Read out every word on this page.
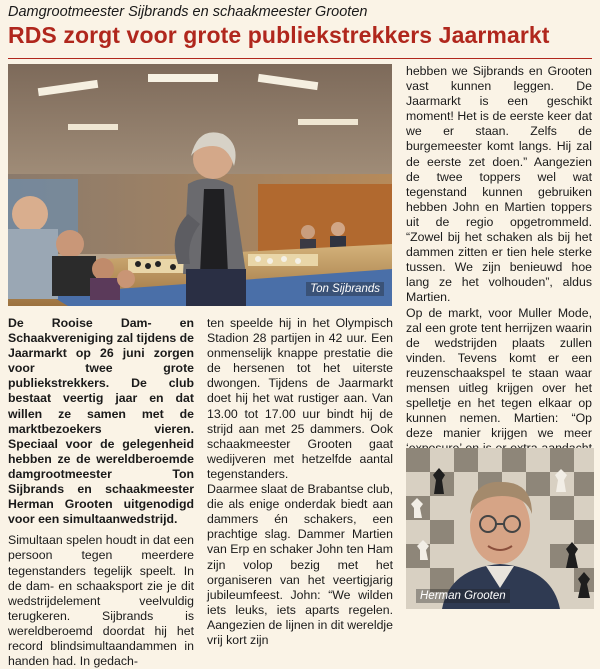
Damgrootmeester Sijbrands en schaakmeester Grooten
RDS zorgt voor grote publiekstrekkers Jaarmarkt
Ton Sijbrands

De Rooise Dam- en Schaakvereniging zal tijdens de Jaarmarkt op 26 juni zorgen voor twee grote publiekstrekkers. De club bestaat veertig jaar en dat willen ze samen met de marktbezoekers vieren. Speciaal voor de gelegenheid hebben ze de wereldberoemde damgrootmeester Ton Sijbrands en schaakmeester Herman Grooten uitgenodigd voor een simultaanwedstrijd.

Simultaan spelen houdt in dat een persoon tegen meerdere tegenstanders tegelijk speelt. In de dam- en schaaksport zie je dit wedstrijdelement veelvuldig terugkeren. Sijbrands is wereldberoemd doordat hij het record blindsimultaandammen in handen had. In gedach-

ten speelde hij in het Olympisch Stadion 28 partijen in 42 uur. Een onmenselijk knappe prestatie die de hersenen tot het uiterste dwongen. Tijdens de Jaarmarkt doet hij het wat rustiger aan. Van 13.00 tot 17.00 uur bindt hij de strijd aan met 25 dammers. Ook schaakmeester Grooten gaat wedijveren met hetzelfde aantal tegenstanders.

Daarmee slaat de Brabantse club, die als enige onderdak biedt aan dammers én schakers, een prachtige slag. Dammer Martien van Erp en schaker John ten Ham zijn volop bezig met het organiseren van het veertigjarig jubileumfeest. John: “We wilden iets leuks, iets aparts regelen. Aangezien de lijnen in dit wereldje vrij kort zijn

hebben we Sijbrands en Grooten vast kunnen leggen. De Jaarmarkt is een geschikt moment! Het is de eerste keer dat we er staan. Zelfs de burgemeester komt langs. Hij zal de eerste zet doen.” Aangezien de twee toppers wel wat tegenstand kunnen gebruiken hebben John en Martien toppers uit de regio opgetrommeld. “Zowel bij het schaken als bij het dammen zitten er tien hele sterke tussen. We zijn benieuwd hoe lang ze het volhouden”, aldus Martien.

Op de markt, voor Muller Mode, zal een grote tent herrijzen waarin de wedstrijden plaats zullen vinden. Tevens komt er een reuzenschaakspel te staan waar mensen uitleg krijgen over het spelletje en het tegen elkaar op kunnen nemen. Martien: “Op deze manier krijgen we meer

Herman Grooten
